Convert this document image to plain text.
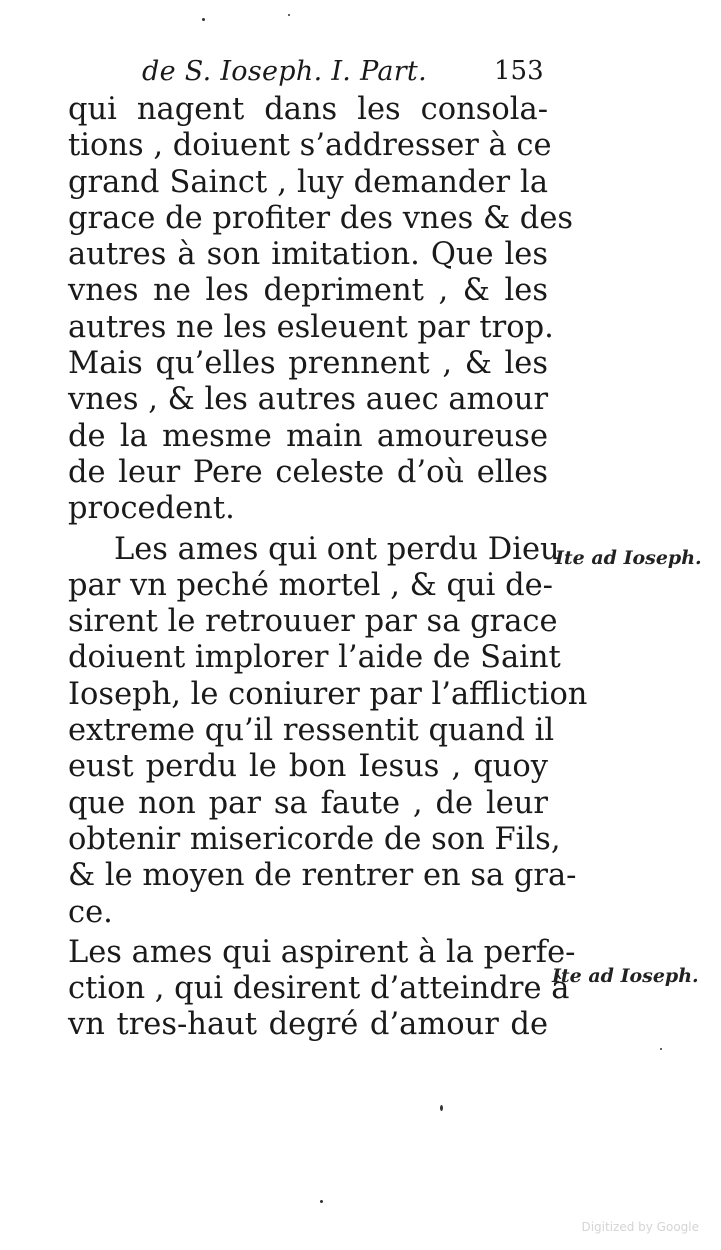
de S. Ioseph. I. Part.	153
qui nagent dans les consola-
tions , doiuent s’addresser à ce
grand Sainct , luy demander la
grace de profiter des vnes & des
autres à son imitation. Que les
vnes ne les depriment , & les
autres ne les esleuent par trop.
Mais qu’elles prennent , & les
vnes , & les autres auec amour
de la mesme main amoureuse
de leur Pere celeste d’où elles
procedent.
Les ames qui ont perdu Dieu
par vn peché mortel , & qui de-
sirent le retrouuer par sa grace
doiuent implorer l’aide de Saint
Ioseph, le coniurer par l’affliction
extreme qu’il ressentit quand il
eust perdu le bon Iesus , quoy
que non par sa faute , de leur
obtenir misericorde de son Fils,
& le moyen de rentrer en sa gra-
ce.
Les ames qui aspirent à la perfe-
ction , qui desirent d’atteindre à
vn tres-haut degré d’amour de
Ite ad Ioseph.
Ite ad Ioseph.
Digitized by Google
